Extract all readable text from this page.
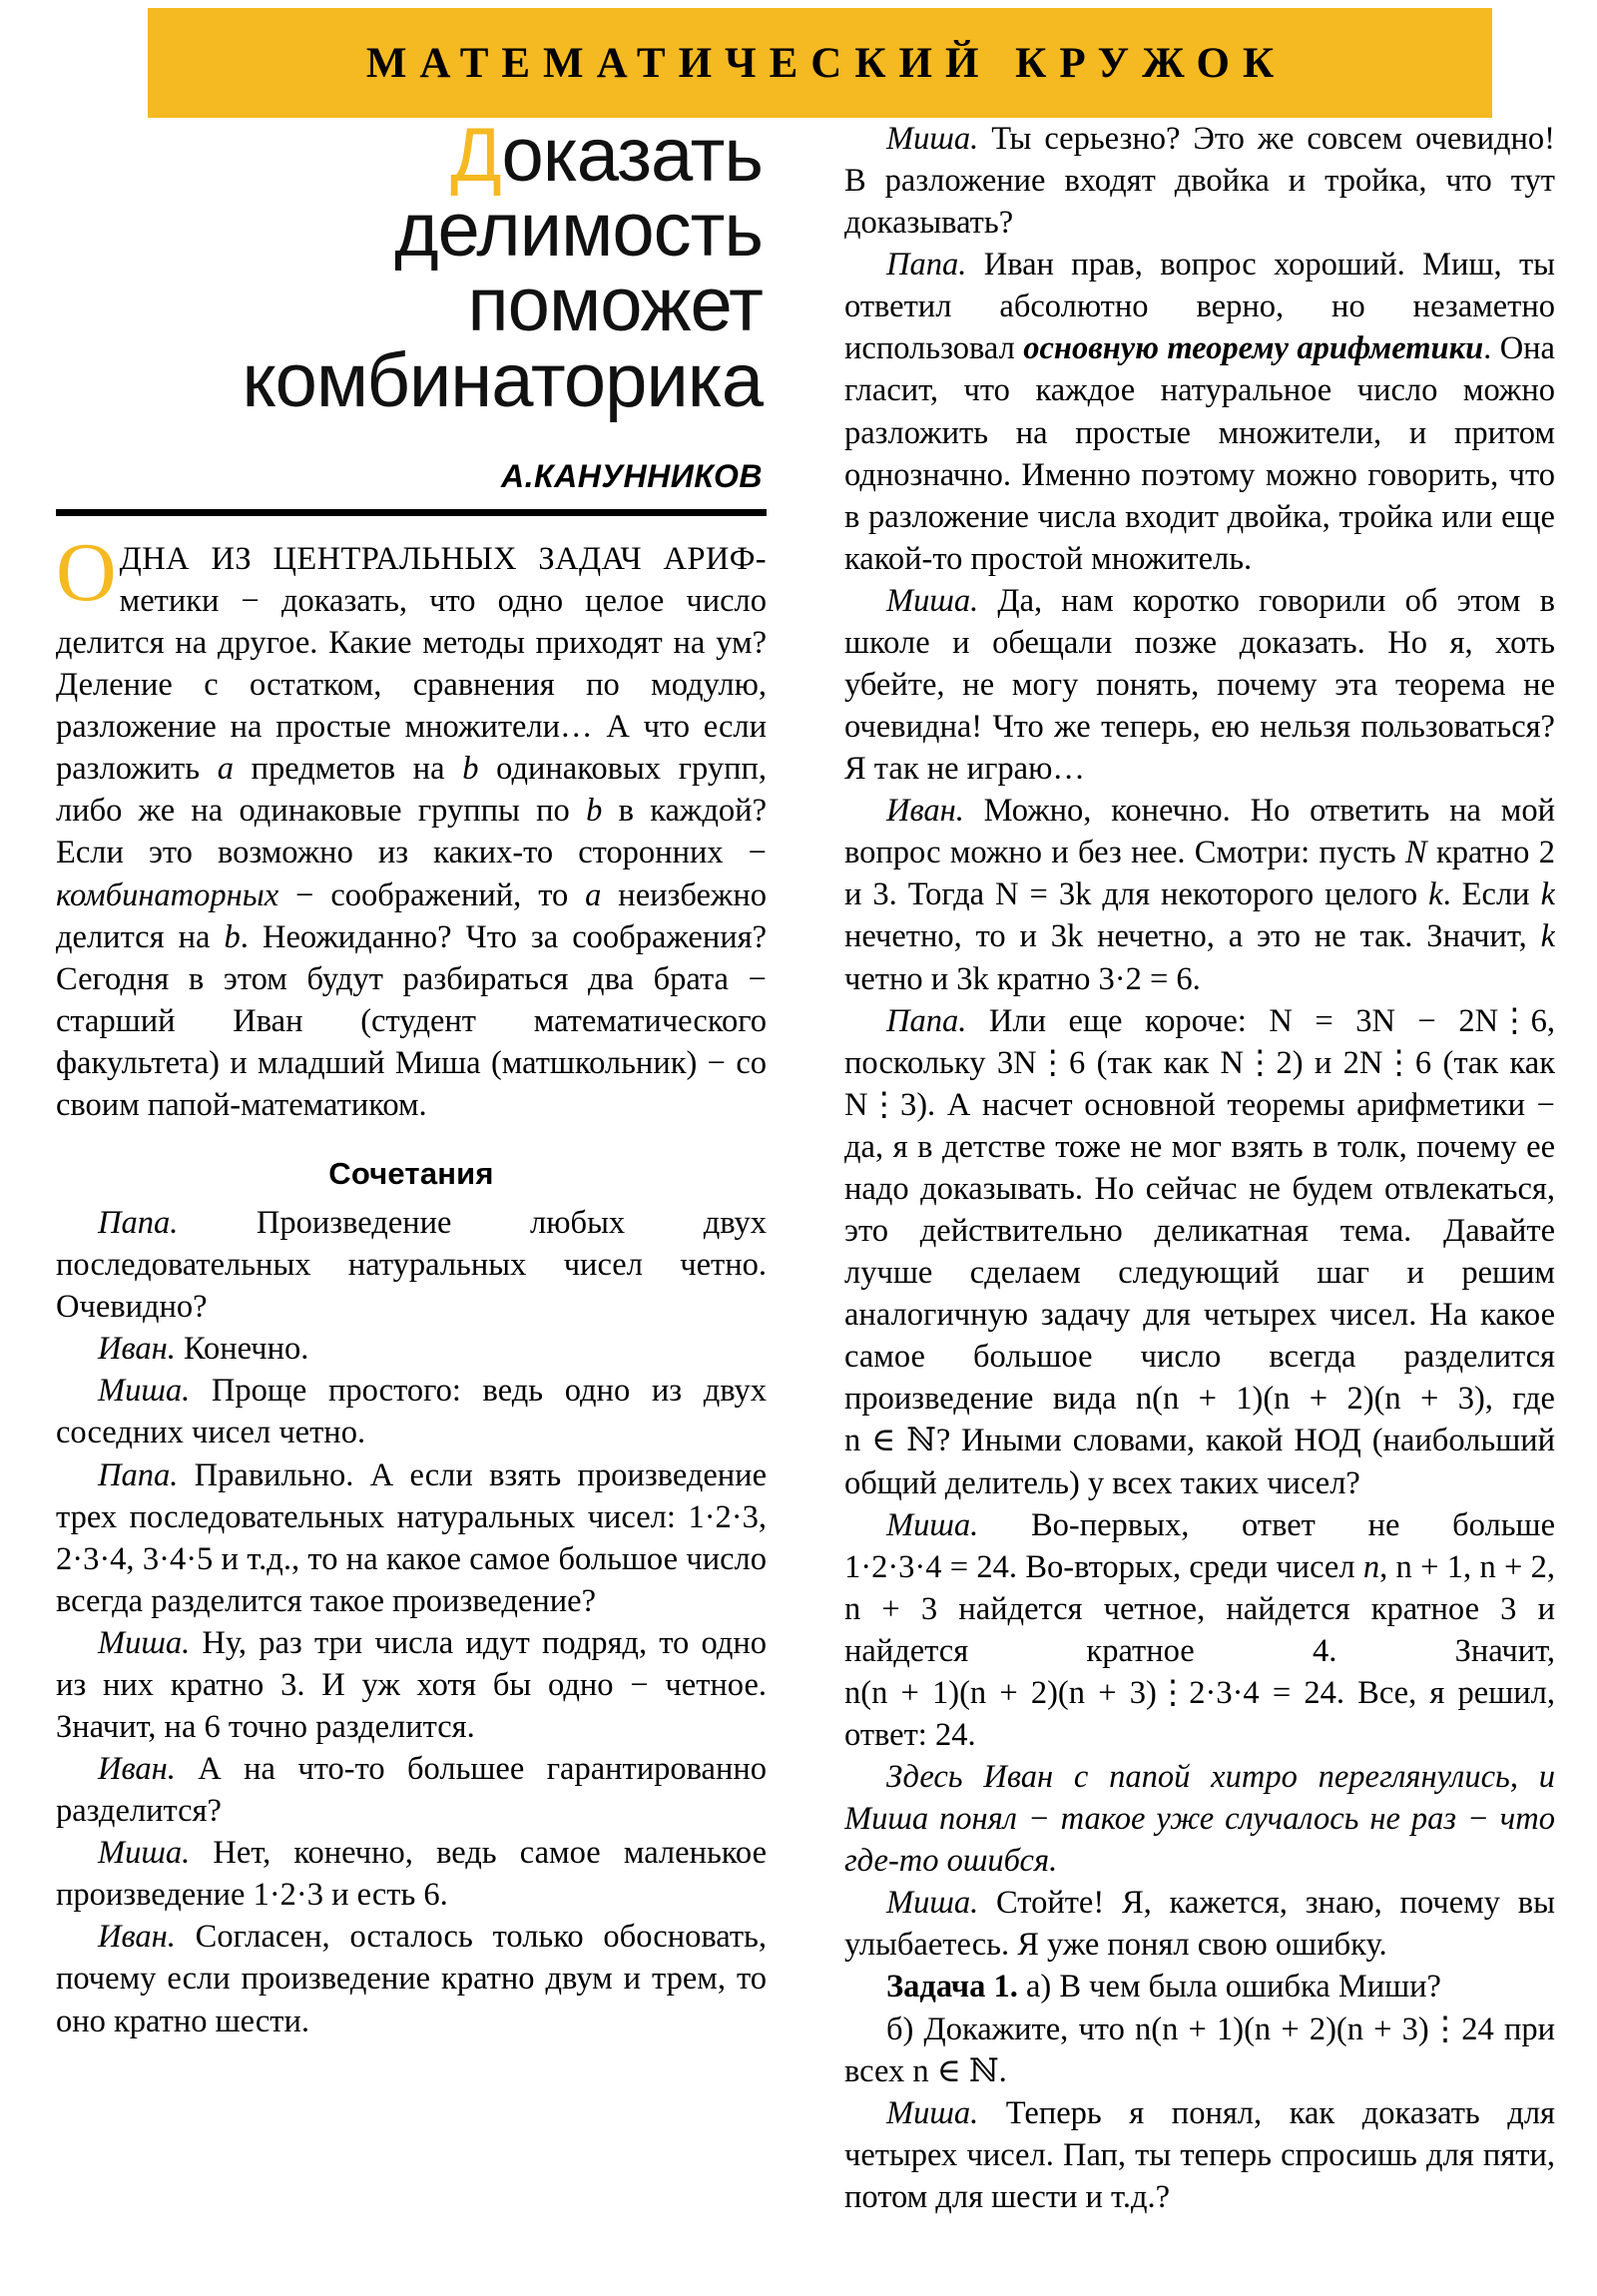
МАТЕМАТИЧЕСКИЙ КРУЖОК
Доказать
делимость
поможет
комбинаторика
А.КАНУННИКОВ

ОДНА ИЗ ЦЕНТРАЛЬНЫХ ЗАДАЧ АРИФ-метики − доказать, что одно целое число делится на другое. Какие методы приходят на ум? Деление с остатком, сравнения по модулю, разложение на простые множители… А что если разложить a предметов на b одинаковых групп, либо же на одинаковые группы по b в каждой? Если это возможно из каких-то сторонних − комбинаторных − соображений, то a неизбежно делится на b. Неожиданно? Что за соображения? Сегодня в этом будут разбираться два брата − старший Иван (студент математического факультета) и младший Миша (матшкольник) − со своим папой-математиком.

Сочетания

Папа. Произведение любых двух последовательных натуральных чисел четно. Очевидно?

Иван. Конечно.

Миша. Проще простого: ведь одно из двух соседних чисел четно.

Папа. Правильно. А если взять произведение трех последовательных натуральных чисел: 1·2·3, 2·3·4, 3·4·5 и т.д., то на какое самое большое число всегда разделится такое произведение?

Миша. Ну, раз три числа идут подряд, то одно из них кратно 3. И уж хотя бы одно − четное. Значит, на 6 точно разделится.

Иван. А на что-то большее гарантированно разделится?

Миша. Нет, конечно, ведь самое маленькое произведение 1·2·3 и есть 6.

Иван. Согласен, осталось только обосновать, почему если произведение кратно двум и трем, то оно кратно шести.

Миша. Ты серьезно? Это же совсем очевидно! В разложение входят двойка и тройка, что тут доказывать?

Папа. Иван прав, вопрос хороший. Миш, ты ответил абсолютно верно, но незаметно использовал основную теорему арифметики. Она гласит, что каждое натуральное число можно разложить на простые множители, и притом однозначно. Именно поэтому можно говорить, что в разложение числа входит двойка, тройка или еще какой-то простой множитель.

Миша. Да, нам коротко говорили об этом в школе и обещали позже доказать. Но я, хоть убейте, не могу понять, почему эта теорема не очевидна! Что же теперь, ею нельзя пользоваться? Я так не играю…

Иван. Можно, конечно. Но ответить на мой вопрос можно и без нее. Смотри: пусть N кратно 2 и 3. Тогда N = 3k для некоторого целого k. Если k нечетно, то и 3k нечетно, а это не так. Значит, k четно и 3k кратно 3·2 = 6.

Папа. Или еще короче: N = 3N − 2N⋮6, поскольку 3N⋮6 (так как N⋮2) и 2N⋮6 (так как N⋮3). А насчет основной теоремы арифметики − да, я в детстве тоже не мог взять в толк, почему ее надо доказывать. Но сейчас не будем отвлекаться, это действительно деликатная тема. Давайте лучше сделаем следующий шаг и решим аналогичную задачу для четырех чисел. На какое самое большое число всегда разделится произведение вида n(n + 1)(n + 2)(n + 3), где n ∈ ℕ? Иными словами, какой НОД (наибольший общий делитель) у всех таких чисел?

Миша. Во-первых, ответ не больше 1·2·3·4 = 24. Во-вторых, среди чисел n, n + 1, n + 2, n + 3 найдется четное, найдется кратное 3 и найдется кратное 4. Значит, n(n + 1)(n + 2)(n + 3)⋮2·3·4 = 24. Все, я решил, ответ: 24.

Здесь Иван с папой хитро переглянулись, и Миша понял − такое уже случалось не раз − что где-то ошибся.

Миша. Стойте! Я, кажется, знаю, почему вы улыбаетесь. Я уже понял свою ошибку.

Задача 1. а) В чем была ошибка Миши?

б) Докажите, что n(n + 1)(n + 2)(n + 3)⋮24 при всех n ∈ ℕ.

Миша. Теперь я понял, как доказать для четырех чисел. Пап, ты теперь спросишь для пяти, потом для шести и т.д.?
